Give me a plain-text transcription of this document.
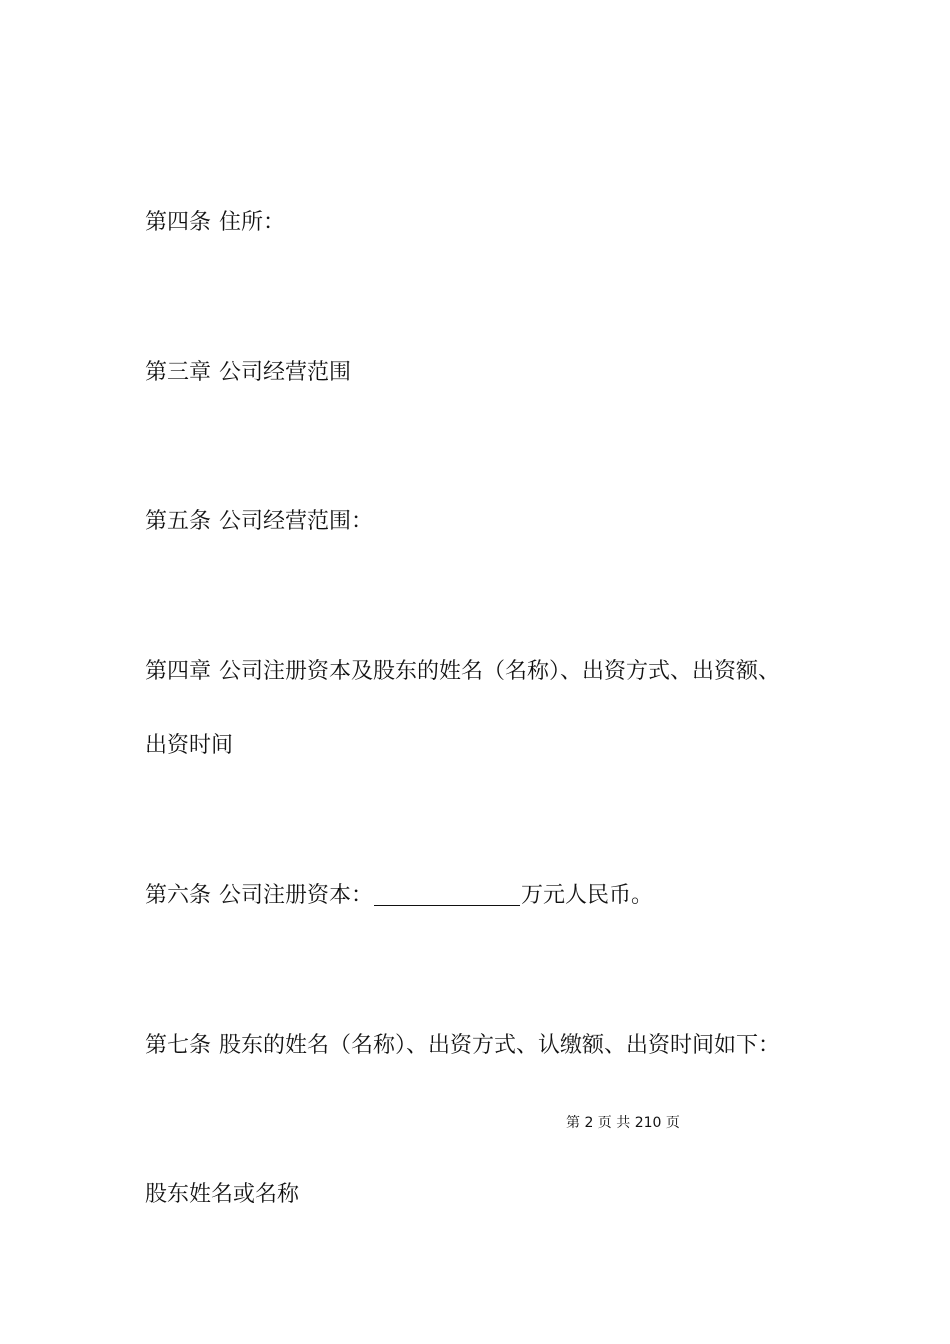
第四条 住所：
第三章 公司经营范围
第五条 公司经营范围：
第四章 公司注册资本及股东的姓名（名称）、出资方式、出资额、
出资时间
第六条 公司注册资本：	万元人民币。
第七条 股东的姓名（名称）、出资方式、认缴额、出资时间如下：
第 2 页 共 210 页
股东姓名或名称
